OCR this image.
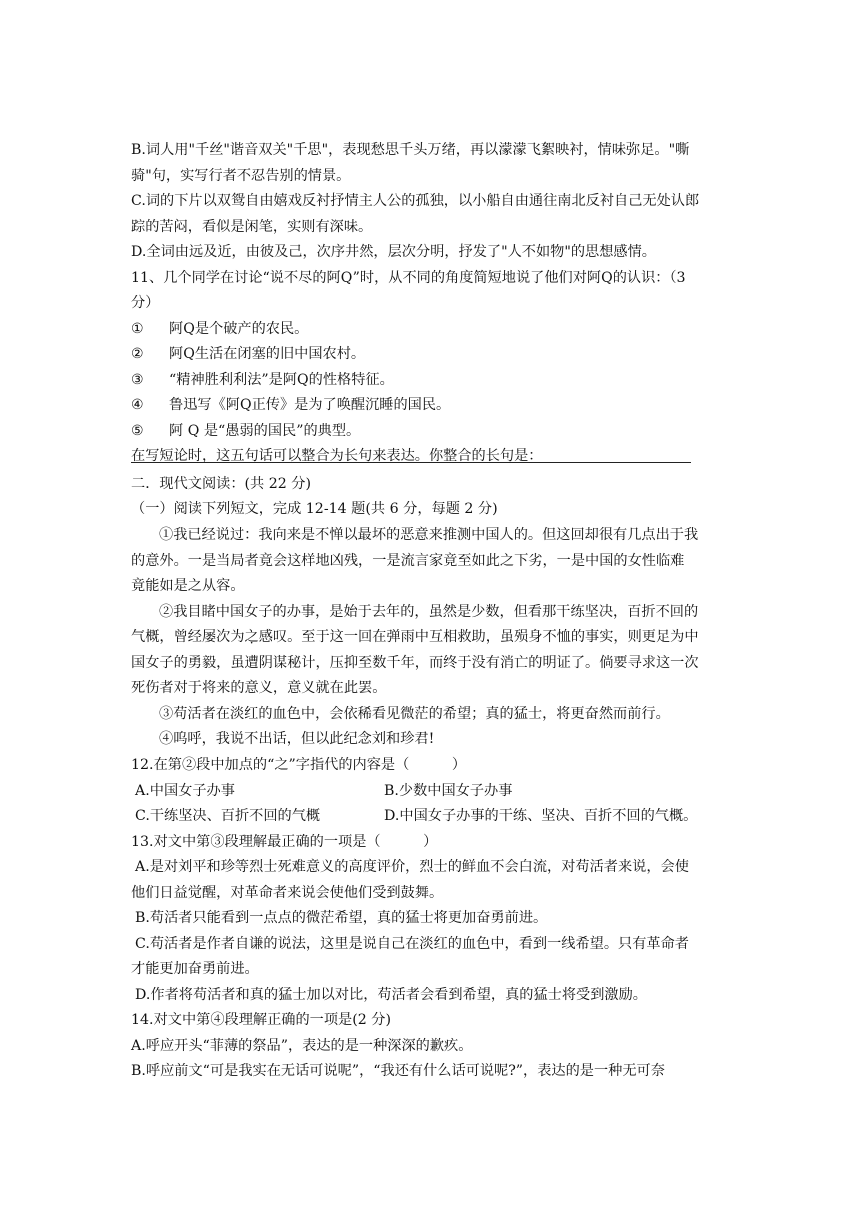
B.词人用"千丝"谐音双关"千思"，表现愁思千头万绪，再以濛濛飞絮映衬，情味弥足。"嘶
骑"句，实写行者不忍告别的情景。
C.词的下片以双鸳自由嬉戏反衬抒情主人公的孤独，以小船自由通往南北反衬自己无处认郎
踪的苦闷，看似是闲笔，实则有深味。
D.全词由远及近，由彼及己，次序井然，层次分明，抒发了"人不如物"的思想感情。
11、几个同学在讨论“说不尽的阿Q”时，从不同的角度简短地说了他们对阿Q的认识：（3
分）
① 阿Q是个破产的农民。
② 阿Q生活在闭塞的旧中国农村。
③ “精神胜利利法”是阿Q的性格特征。
④ 鲁迅写《阿Q正传》是为了唤醒沉睡的国民。
⑤ 阿 Q 是“愚弱的国民”的典型。
在写短论时，这五句话可以整合为长句来表达。你整合的长句是：
二．现代文阅读：(共 22 分)
（一）阅读下列短文，完成 12-14 题(共 6 分，每题 2 分)
①我已经说过：我向来是不惮以最坏的恶意来推测中国人的。但这回却很有几点出于我
的意外。一是当局者竟会这样地凶残，一是流言家竟至如此之下劣，一是中国的女性临难
竟能如是之从容。
②我目睹中国女子的办事，是始于去年的，虽然是少数，但看那干练坚决，百折不回的
气概，曾经屡次为之感叹。至于这一回在弹雨中互相救助，虽殒身不恤的事实，则更足为中
国女子的勇毅，虽遭阴谋秘计，压抑至数千年，而终于没有消亡的明证了。倘要寻求这一次
死伤者对于将来的意义，意义就在此罢。
③苟活者在淡红的血色中，会依稀看见微茫的希望；真的猛士，将更奋然而前行。
④呜呼，我说不出话，但以此纪念刘和珍君!
12.在第②段中加点的“之”字指代的内容是（　　　）
A.中国女子办事	B.少数中国女子办事
C.干练坚决、百折不回的气概	D.中国女子办事的干练、坚决、百折不回的气概。
13.对文中第③段理解最正确的一项是（　　　）
A.是对刘平和珍等烈士死难意义的高度评价，烈士的鲜血不会白流，对苟活者来说，会使
他们日益觉醒，对革命者来说会使他们受到鼓舞。
B.苟活者只能看到一点点的微茫希望，真的猛士将更加奋勇前进。
C.苟活者是作者自谦的说法，这里是说自己在淡红的血色中，看到一线希望。只有革命者
才能更加奋勇前进。
D.作者将苟活者和真的猛士加以对比，苟活者会看到希望，真的猛士将受到激励。
14.对文中第④段理解正确的一项是(2 分)
A.呼应开头“菲薄的祭品”，表达的是一种深深的歉疚。
B.呼应前文“可是我实在无话可说呢”，“我还有什么话可说呢?”，表达的是一种无可奈
